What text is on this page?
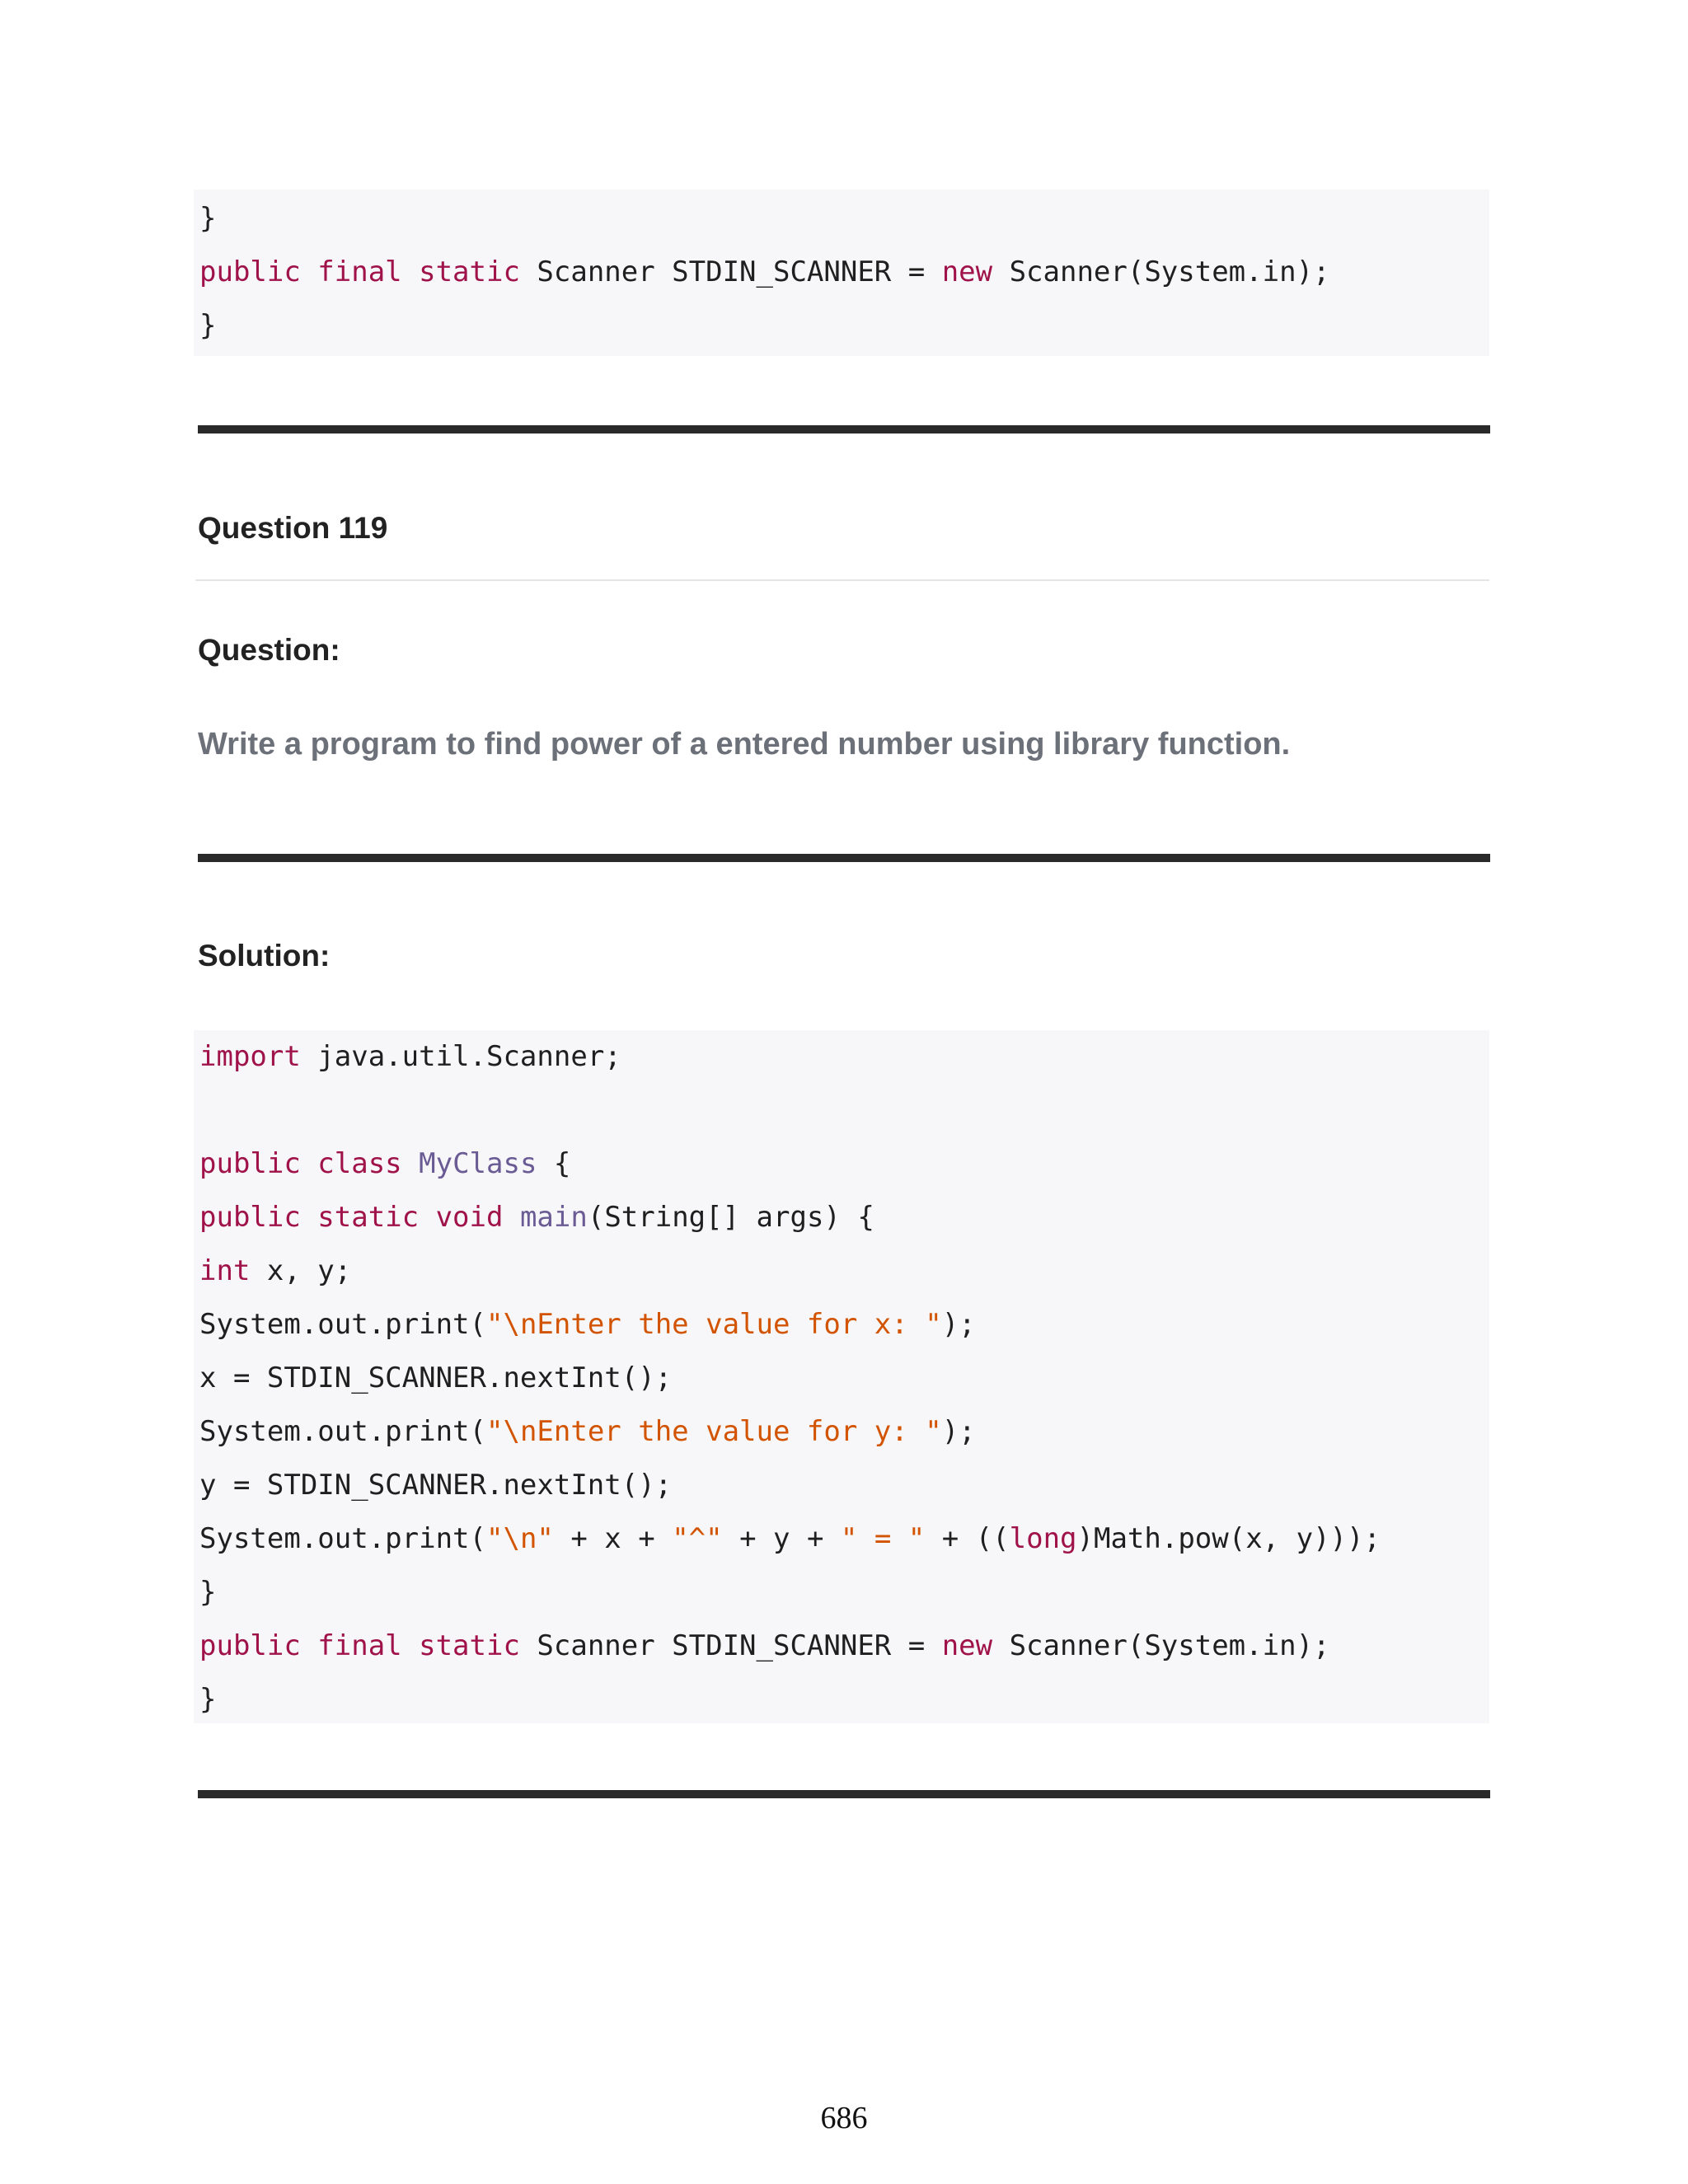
}
public final static Scanner STDIN_SCANNER = new Scanner(System.in);
}
Question 119
Question:
Write a program to find power of a entered number using library function.
Solution:
import java.util.Scanner;

public class MyClass {
public static void main(String[] args) {
int x, y;
System.out.print("\nEnter the value for x: ");
x = STDIN_SCANNER.nextInt();
System.out.print("\nEnter the value for y: ");
y = STDIN_SCANNER.nextInt();
System.out.print("\n" + x + "^" + y + " = " + ((long)Math.pow(x, y)));
}
public final static Scanner STDIN_SCANNER = new Scanner(System.in);
}
686
